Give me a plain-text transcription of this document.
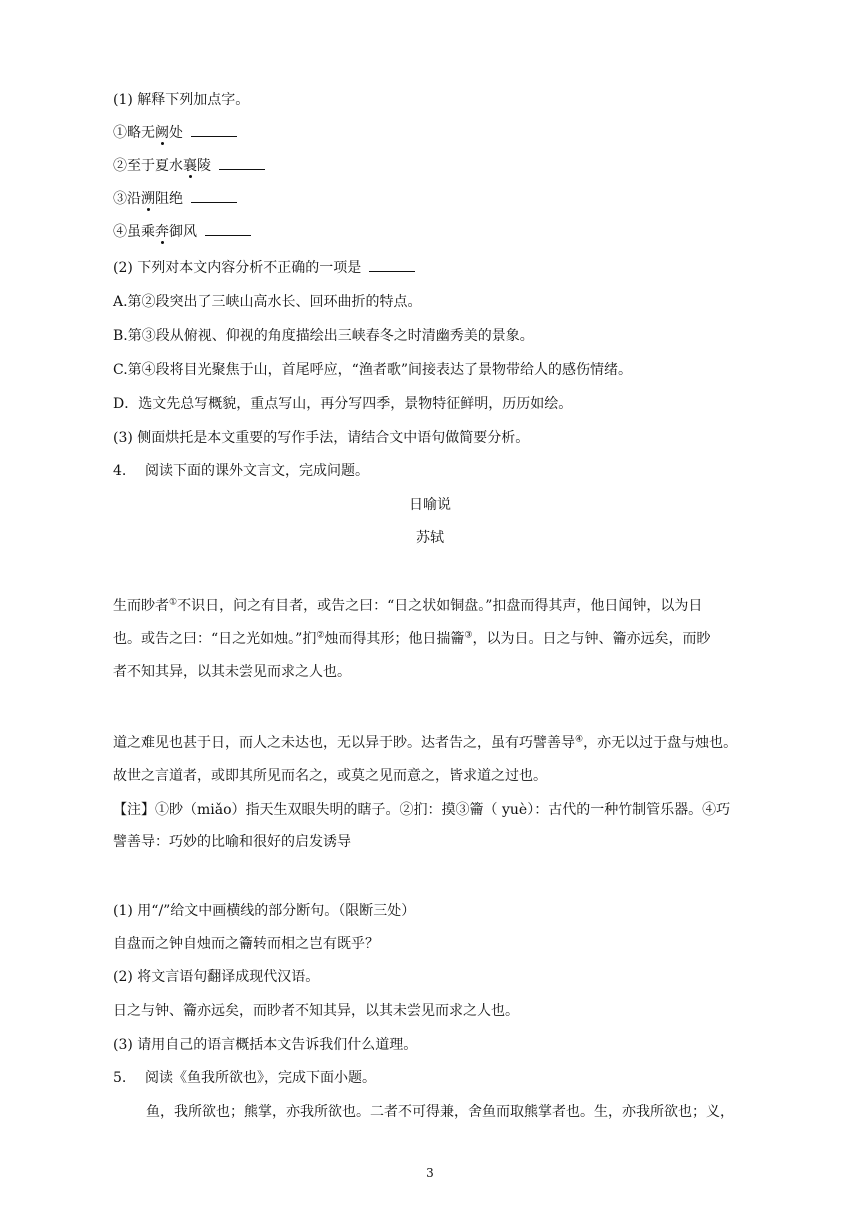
(1) 解释下列加点字。
①略无阙处
②至于夏水襄陵
③沿溯阻绝
④虽乘奔御风
(2) 下列对本文内容分析不正确的一项是
A.第②段突出了三峡山高水长、回环曲折的特点。
B.第③段从俯视、仰视的角度描绘出三峡春冬之时清幽秀美的景象。
C.第④段将目光聚焦于山，首尾呼应，“渔者歌”间接表达了景物带给人的感伤情绪。
D．选文先总写概貌，重点写山，再分写四季，景物特征鲜明，历历如绘。
(3) 侧面烘托是本文重要的写作手法，请结合文中语句做简要分析。
4. 阅读下面的课外文言文，完成问题。
日喻说
苏轼
生而眇者①不识日，问之有目者，或告之曰：“日之状如铜盘。”扣盘而得其声，他日闻钟，以为日
也。或告之曰：“日之光如烛。”扪②烛而得其形；他日揣籥③，以为日。日之与钟、籥亦远矣，而眇
者不知其异，以其未尝见而求之人也。
道之难见也甚于日，而人之未达也，无以异于眇。达者告之，虽有巧譬善导④，亦无以过于盘与烛也。
故世之言道者，或即其所见而名之，或莫之见而意之，皆求道之过也。
【注】①眇（miǎo）指天生双眼失明的瞎子。②扪：摸③籥（ yuè）：古代的一种竹制管乐器。④巧
譬善导：巧妙的比喻和很好的启发诱导
(1) 用“/”给文中画横线的部分断句。（限断三处）
自盘而之钟自烛而之籥转而相之岂有既乎？
(2) 将文言语句翻译成现代汉语。
日之与钟、籥亦远矣，而眇者不知其异，以其未尝见而求之人也。
(3) 请用自己的语言概括本文告诉我们什么道理。
5. 阅读《鱼我所欲也》，完成下面小题。
鱼，我所欲也；熊掌，亦我所欲也。二者不可得兼，舍鱼而取熊掌者也。生，亦我所欲也；义，
3
